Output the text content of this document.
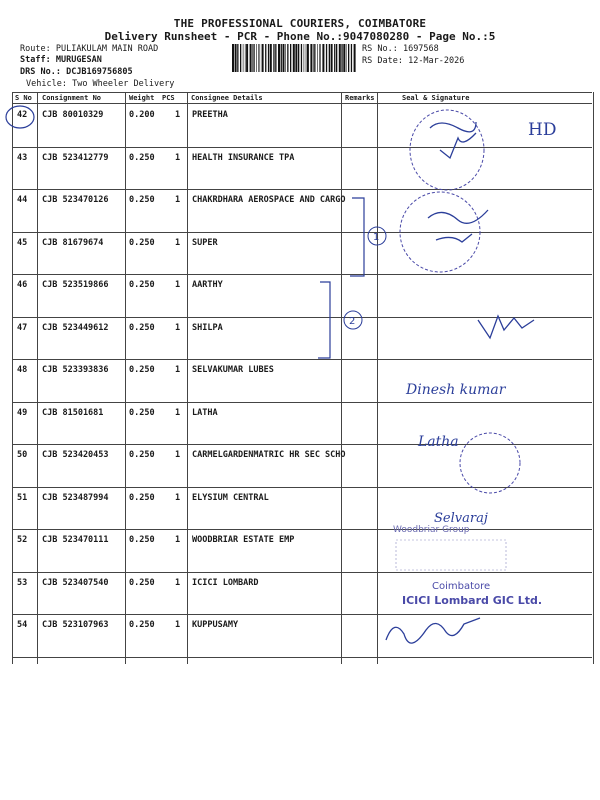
THE PROFESSIONAL COURIERS, COIMBATORE
Delivery Runsheet - PCR - Phone No.:9047080280 - Page No.:5
Route: PULIAKULAM MAIN ROAD
Staff: MURUGESAN
DRS No.: DCJB169756805
Vehicle: Two Wheeler Delivery
RS No.: 1697568
RS Date: 12-Mar-2026
S No Consignment No	Weight PCS Consignee Details	Remarks	Seal & Signature
42 CJB 80010329	0.200 1 PREETHA
43 CJB 523412779 0.250 1 HEALTH INSURANCE TPA
44 CJB 523470126 0.250 1 CHAKRDHARA AEROSPACE AND CARGO
45 CJB 81679674	0.250 1 SUPER
46 CJB 523519866 0.250 1 AARTHY
47 CJB 523449612 0.250 1 SHILPA
48 CJB 523393836 0.250 1 SELVAKUMAR LUBES
49 CJB 81501681	0.250 1 LATHA
50 CJB 523420453 0.250 1 CARMELGARDENMATRIC HR SEC SCHO
51 CJB 523487994 0.250 1 ELYSIUM CENTRAL
52 CJB 523470111 0.250 1 WOODBRIAR ESTATE EMP
53 CJB 523407540 0.250 1 ICICI LOMBARD
54 CJB 523107963 0.250 1 KUPPUSAMY
1
2
HD
Dinesh kumar
Latha
Woodbriar Group
Selvaraj
Coimbatore
ICICI Lombard GIC Ltd.
